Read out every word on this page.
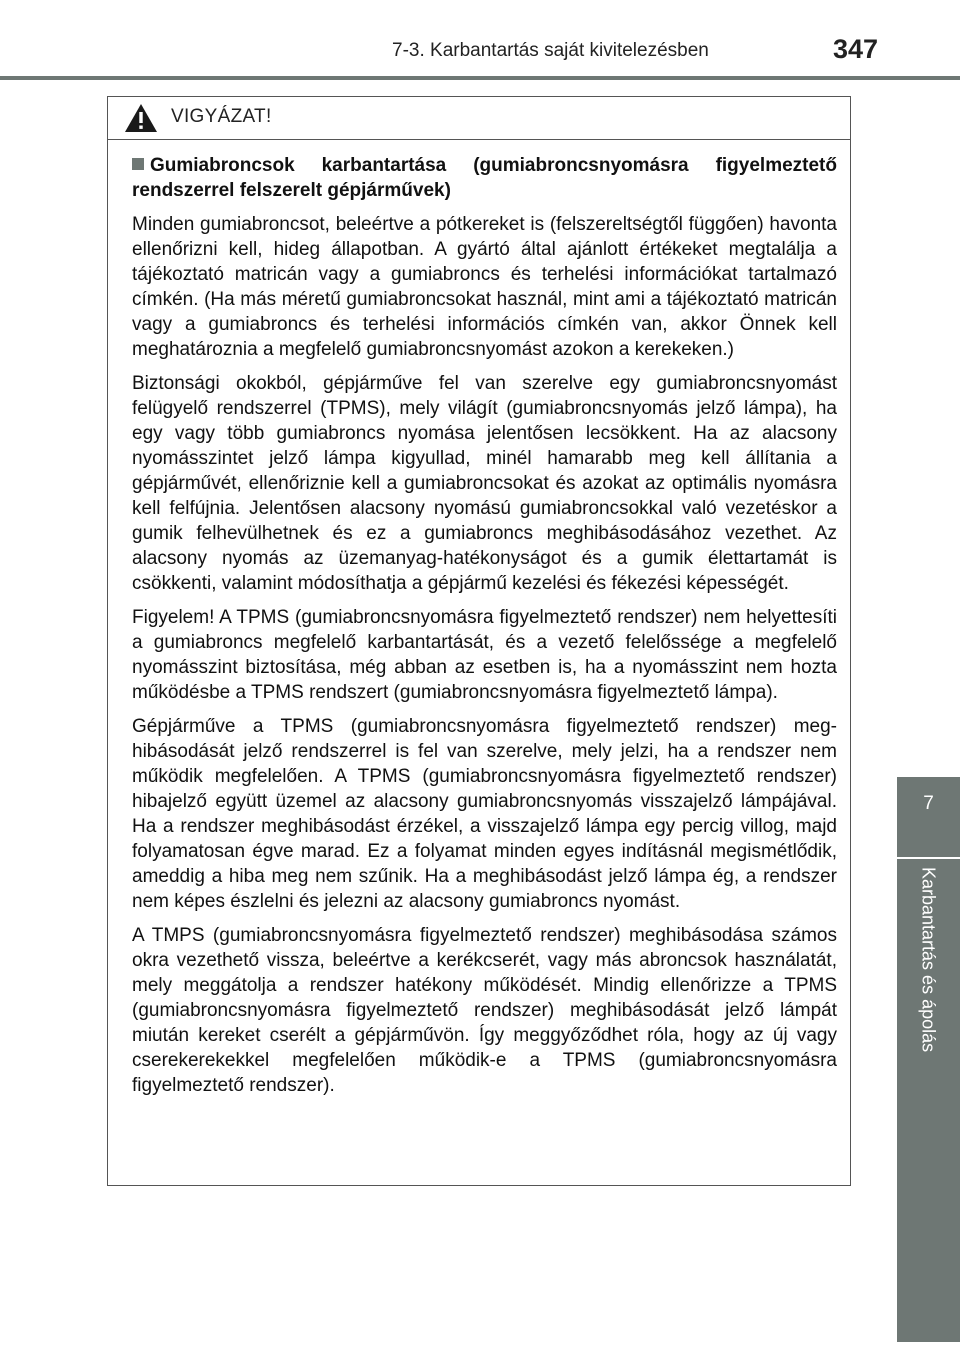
7-3. Karbantartás saját kivitelezésben	347
7
Karbantartás és ápolás
VIGYÁZAT!
Gumiabroncsok karbantartása (gumiabroncsnyomásra figyelmeztető rendszerrel felszerelt gépjárművek)

Minden gumiabroncsot, beleértve a pótkereket is (felszereltségtől függően) havonta ellenőrizni kell, hideg állapotban. A gyártó által ajánlott értékeket megtalálja a tájékoztató matricán vagy a gumiabroncs és terhelési információkat tartalmazó címkén. (Ha más méretű gumiabroncsokat használ, mint ami a tájékoztató matricán vagy a gumiabroncs és terhelési információs címkén van, akkor Önnek kell meghatároznia a megfelelő gumiabroncsnyomást azokon a kerekeken.)

Biztonsági okokból, gépjárműve fel van szerelve egy gumiabroncsnyomást felügyelő rendszerrel (TPMS), mely világít (gumiabroncsnyomás jelző lámpa), ha egy vagy több gumiabroncs nyomása jelentősen lecsökkent. Ha az alacsony nyomásszintet jelző lámpa kigyullad, minél hamarabb meg kell állítania a gépjárművét, ellenőriznie kell a gumiabroncsokat és azokat az optimális nyomásra kell felfújnia. Jelentősen alacsony nyomású gumiabroncsokkal való vezetéskor a gumik felhevülhetnek és ez a gumiabroncs meghibásodásához vezethet. Az alacsony nyomás az üzemanyag-hatékonyságot és a gumik élettartamát is csökkenti, valamint módosíthatja a gépjármű kezelési és fékezési képességét.

Figyelem! A TPMS (gumiabroncsnyomásra figyelmeztető rendszer) nem helyettesíti a gumiabroncs megfelelő karbantartását, és a vezető felelőssége a megfelelő nyomásszint biztosítása, még abban az esetben is, ha a nyomásszint nem hozta működésbe a TPMS rendszert (gumiabroncsnyomásra figyelmeztető lámpa).

Gépjárműve a TPMS (gumiabroncsnyomásra figyelmeztető rendszer) meghibásodását jelző rendszerrel is fel van szerelve, mely jelzi, ha a rendszer nem működik megfelelően. A TPMS (gumiabroncsnyomásra figyelmeztető rendszer) hibajelző együtt üzemel az alacsony gumiabroncsnyomás visszajelző lámpájával. Ha a rendszer meghibásodást érzékel, a visszajelző lámpa egy percig villog, majd folyamatosan égve marad. Ez a folyamat minden egyes indításnál megismétlődik, ameddig a hiba meg nem szűnik. Ha a meghibásodást jelző lámpa ég, a rendszer nem képes észlelni és jelezni az alacsony gumiabroncs nyomást.

A TMPS (gumiabroncsnyomásra figyelmeztető rendszer) meghibásodása számos okra vezethető vissza, beleértve a kerékcserét, vagy más abroncsok használatát, mely meggátolja a rendszer hatékony működését. Mindig ellenőrizze a TPMS (gumiabroncsnyomásra figyelmeztető rendszer) meghibásodását jelző lámpát miután kereket cserélt a gépjárművön. Így meggyőződhet róla, hogy az új vagy cserekerekekkel megfelelően működik-e a TPMS (gumiabroncsnyomásra figyelmeztető rendszer).
